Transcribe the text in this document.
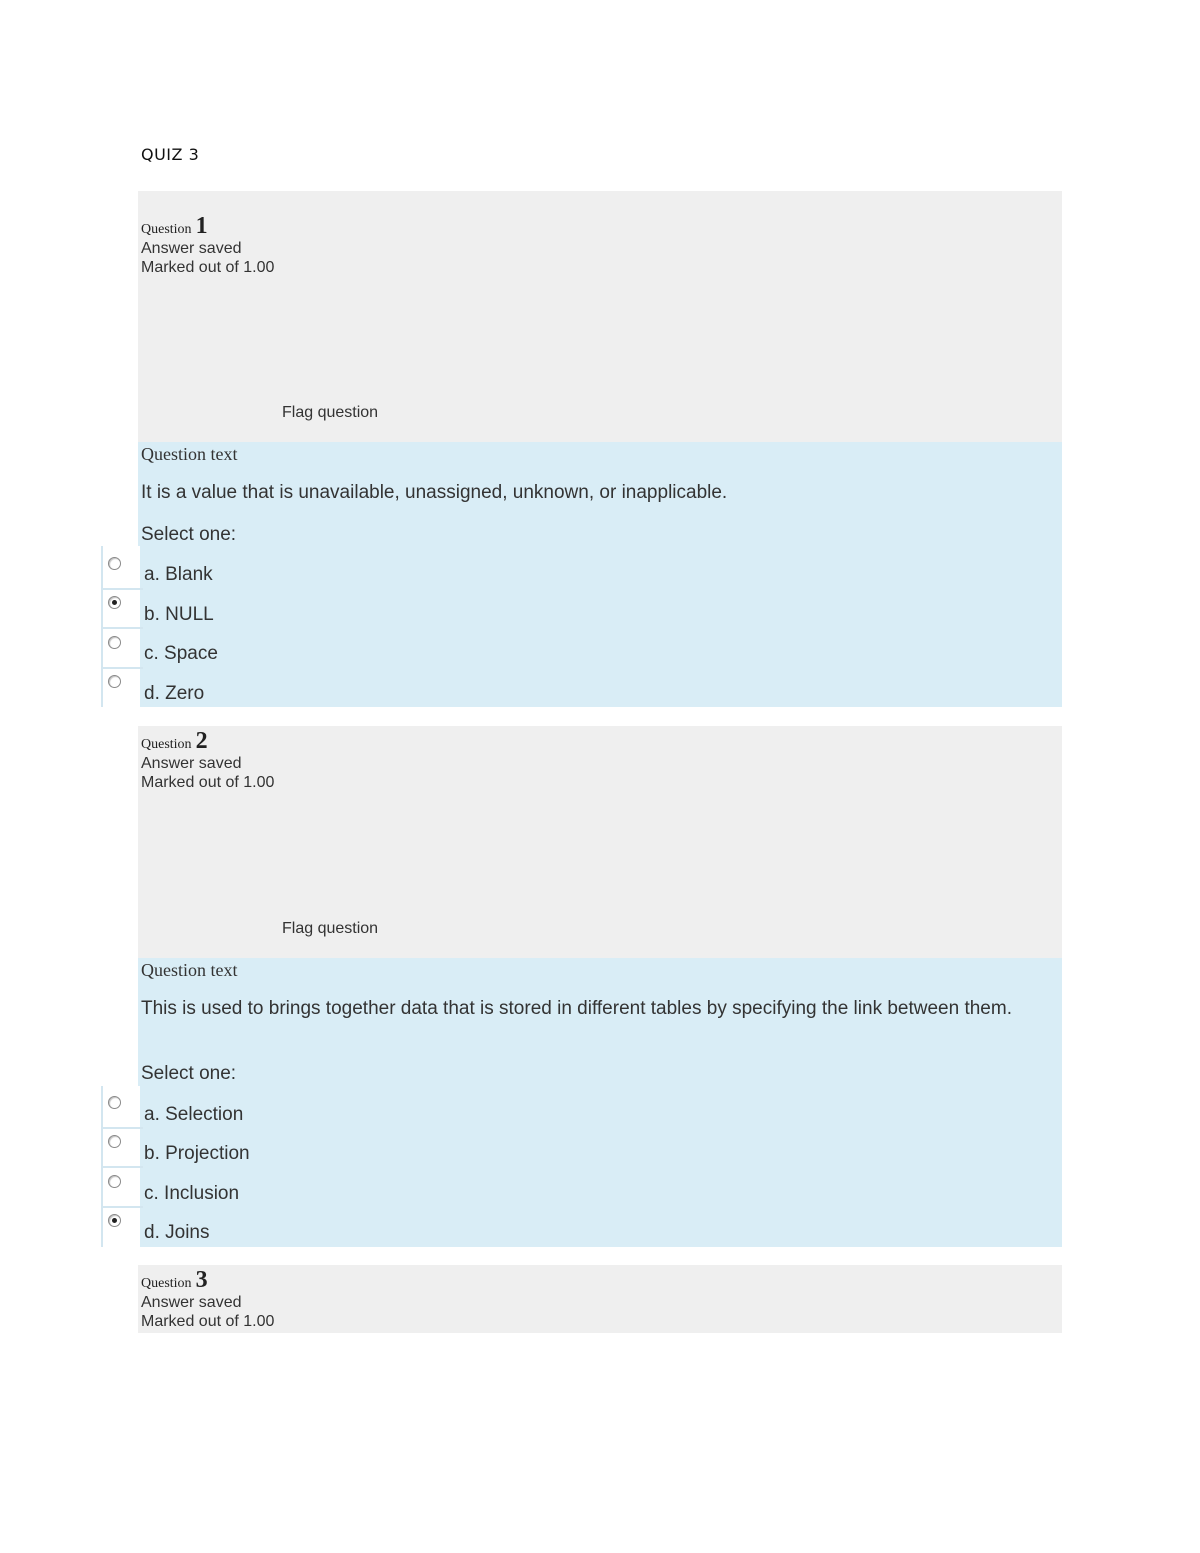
QUIZ 3
Question 1
Answer saved
Marked out of 1.00
Flag question
Question text
It is a value that is unavailable, unassigned, unknown, or inapplicable.
Select one:
a. Blank
b. NULL
c. Space
d. Zero
Question 2
Answer saved
Marked out of 1.00
Flag question
Question text
This is used to brings together data that is stored in different tables by specifying the link between them.
Select one:
a. Selection
b. Projection
c. Inclusion
d. Joins
Question 3
Answer saved
Marked out of 1.00
